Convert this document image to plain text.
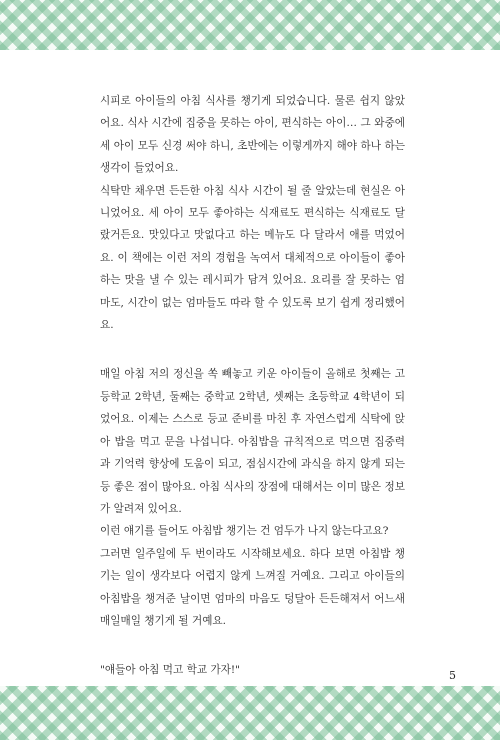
시피로 아이들의 아침 식사를 챙기게 되었습니다. 물론 쉽지 않았어요. 식사 시간에 집중을 못하는 아이, 편식하는 아이… 그 와중에 세 아이 모두 신경 써야 하니, 초반에는 이렇게까지 해야 하나 하는 생각이 들었어요.

식탁만 채우면 든든한 아침 식사 시간이 될 줄 알았는데 현실은 아니었어요. 세 아이 모두 좋아하는 식재료도 편식하는 식재료도 달랐거든요. 맛있다고 맛없다고 하는 메뉴도 다 달라서 애를 먹었어요. 이 책에는 이런 저의 경험을 녹여서 대체적으로 아이들이 좋아하는 맛을 낼 수 있는 레시피가 담겨 있어요. 요리를 잘 못하는 엄마도, 시간이 없는 엄마들도 따라 할 수 있도록 보기 쉽게 정리했어요.

매일 아침 저의 정신을 쏙 빼놓고 키운 아이들이 올해로 첫째는 고등학교 2학년, 둘째는 중학교 2학년, 셋째는 초등학교 4학년이 되었어요. 이제는 스스로 등교 준비를 마친 후 자연스럽게 식탁에 앉아 밥을 먹고 문을 나섭니다. 아침밥을 규칙적으로 먹으면 집중력과 기억력 향상에 도움이 되고, 점심시간에 과식을 하지 않게 되는 등 좋은 점이 많아요. 아침 식사의 장점에 대해서는 이미 많은 정보가 알려져 있어요.

이런 얘기를 들어도 아침밥 챙기는 건 엄두가 나지 않는다고요?

그러면 일주일에 두 번이라도 시작해보세요. 하다 보면 아침밥 챙기는 일이 생각보다 어렵지 않게 느껴질 거예요. 그리고 아이들의 아침밥을 챙겨준 날이면 엄마의 마음도 덩달아 든든해져서 어느새 매일매일 챙기게 될 거예요.

"얘들아 아침 먹고 학교 가자!"	5
